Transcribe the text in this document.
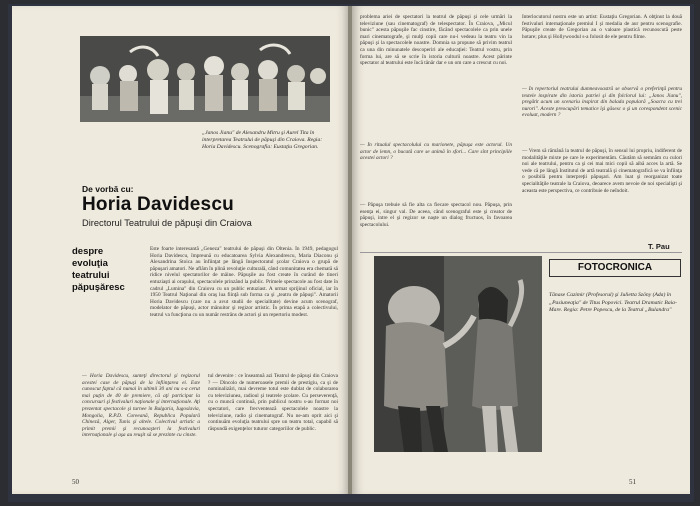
„Janos Jianu" de Alexandru Mitru şi Aurel Tita în interpretarea Teatrului de păpuşi din Craiova. Regia: Horia Davidescu. Scenografia: Eustaţiu Gregorian.
De vorbă cu:
Horia Davidescu
Directorul Teatrului de păpuşi din Craiova
despre
evoluţia
teatrului
păpuşăresc

Este foarte interesantă „Geneza" teatrului de păpuşi din Oltenia. În 1949, pedagogul Horia Davidescu, împreună cu educatoarea Sylvia Alexandrescu, Maria Diaconu şi Alexandrina Stoica au înfiinţat pe lângă Inspectoratul şcolar Craiova o grupă de păpuşari amatori. Ne aflăm în plină revoluţie culturală, când comunitatea era chemată să ridice nivelul spectatorilor de mâine. Păpuşile au fost create în curând de tineri entuziaşti ai oraşului, spectacolele prinzând la public. Primele spectacole au fost date în cadrul „Lumina" din Craiova cu un public entuziast. A urmat sprijinul oficial, iar în 1950 Teatrul Naţional din oraş lua fiinţă sub forma ca şi „teatru de păpuşi". Amatorii Horia Davidescu (care nu a avut studii de specialitate) devine acum scenograf, modelator de păpuşi, actor mânuitor şi regizor artistic. În prima etapă a colectivului, teatrul va funcţiona cu un număr restrâns de actori şi un repertoriu modest.

— Horia Davidescu, sunteţi directorul şi regizorul acestei case de păpuşi de la înfiinţarea ei. Este cunoscut faptul că numai în ultimii 30 ani nu s-a cerut mai puţin de 40 de premiere, că aţi participat la concursuri şi festivaluri naţionale şi internaţionale. Aţi prezentat spectacole şi turnee în Bulgaria, Iugoslavia, Mongolia, R.P.D. Coreeană, Republica Populară Chineză, Alger, Tunis şi altele. Colectivul artistic a primit premii şi recunoaşteri la festivaluri internaţionale şi aşa au reuşit să se prezinte cu cinste.

tul devenire : ce înseamnă azi Teatrul de păpuşi din Craiova ? — Dincolo de numeroasele premii de prestigiu, ca şi de nominalizări, mai devreme totul este dublat de colaborarea cu televiziunea, radioul şi teatrele şcolare. Cu perseverenţă, cu o muncă continuă, prin publicul nostru s-au format noi spectatori, care frecventează spectacolele noastre la televiziune, radio şi cinematograf. Nu ne-am oprit aici şi continuăm evoluţia teatrului spre un teatru total, capabil să răspundă exigenţelor tuturor categoriilor de public.

50

problema ariei de spectatori la teatrul de păpuşi şi cele urmări la televiziune (sau cinematograf) de telespectator. În Craiova, „Micul bunic" acesta păpuşile fac cinstire, făcând spectacolele ca prin unele mari cinematografe, şi mulţi copii care nu-i vedeau la teatru vin la păpuşi şi la spectacolele noastre. Domnia sa propune să privim teatrul ca una din minunatele descoperiri ale educaţiei: Teatrul vostru, prin forma lui, are să se scrie în istoria culturii noastre. Acest părinte spectator al teatrului este încă tânăr dar e un om care a crescut cu noi.

— În ritualul spectacolului cu marionete, păpuşa este actorul. Un actor de lemn, o bucată care se animă în sfori... Care sînt principiile acestei actori ?

— Păpuşa trebuie să fie alta ca fiecare spectacol nou. Păpuşa, prin esenţa ei, singur val. De aceea, când scenograful este şi creator de păpuşi, intre el şi regizor se naşte un dialog fructuos, în favoarea spectacolului.

Interlocutorul nostru este un artist: Eustaţiu Gregorian. A obţinut la două festivaluri internaţionale premiul I şi medalia de aur pentru scenografie. Păpuşile create de Gregorian au o valoare plastică recunoscută peste hotare; plus şi Hollywoodul s-a folosit de ele pentru filme.

— În repertoriul teatrului dumneavoastră se observă o preferinţă pentru textele inspirate din istoria patriei şi din folclorul lui: „Janos Jianu", pregătit acum un scenariu inspirat din balada populară „Soacra cu trei nurori". Aceste preocupări tematice îşi găsesc o şi un corespondent scenic evoluat, modern ?

— Vrem să rămână la teatrul de păpuşi, în sensul lui propriu, indiferent de modalităţile mixte pe care le experimentăm. Căutăm să semnăm cu culori noi ale teatrului, pentru ca şi cei mai mici copii să aibă acces la artă. Se vede că pe lângă Institutul de artă teatrală şi cinematografică se va înfiinţa o posibilă pentru interpreţii păpuşari. Am luat şi reorganizat toate specialităţile teatrale la Craiova, deoarece avem nevoie de noi specialişti şi aceasta este perspectiva, ce contribuie de neîndoit.

T. Pau
FOTOCRONICA
Tănase Cazimir (Profesorul) şi Julietta Szöny (Ada) în „Pasiuneaţia" de Titus Popovici. Teatrul Dramatic Baia-Mare. Regia: Petre Popescu, de la Teatrul „Bulandra"
51
